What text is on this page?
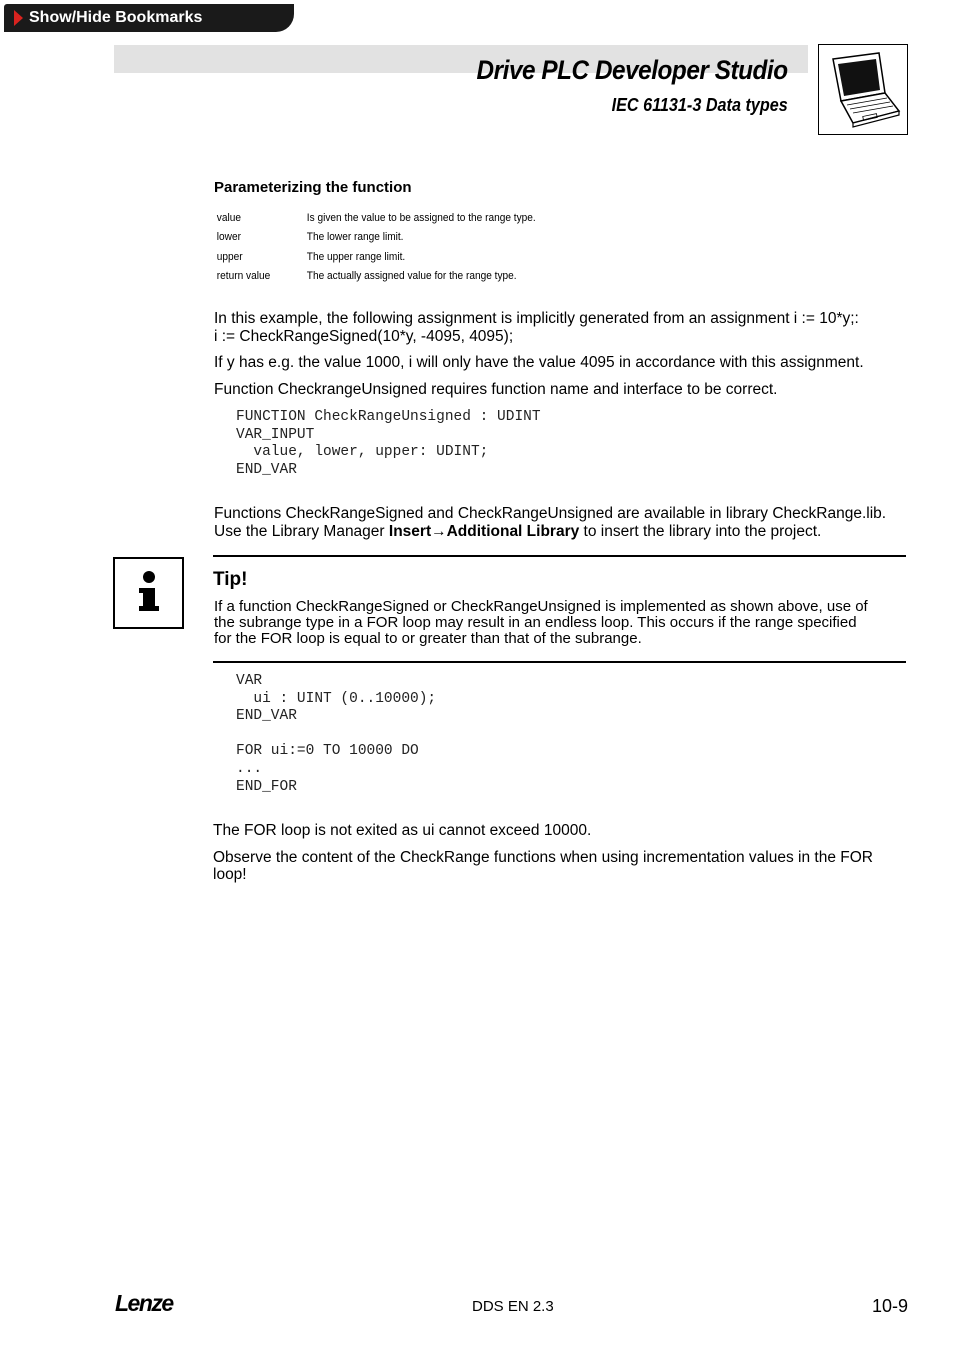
Show/Hide Bookmarks
Drive PLC Developer Studio
IEC 61131-3 Data types
Parameterizing the function
value	Is given the value to be assigned to the range type.
lower	The lower range limit.
upper	The upper range limit.
return value	The actually assigned value for the range type.

In this example, the following assignment is implicitly generated from an assignment i := 10*y;:

i := CheckRangeSigned(10*y, -4095, 4095);

If y has e.g. the value 1000, i will only have the value 4095 in accordance with this assignment.

Function CheckrangeUnsigned requires function name and interface to be correct.

FUNCTION CheckRangeUnsigned : UDINT
VAR_INPUT
value, lower, upper: UDINT;
END_VAR

Functions CheckRangeSigned and CheckRangeUnsigned are available in library CheckRange.lib.

Use the Library Manager Insert→Additional Library to insert the library into the project.

Tip!

If a function CheckRangeSigned or CheckRangeUnsigned is implemented as shown above, use of

the subrange type in a FOR loop may result in an endless loop. This occurs if the range specified

for the FOR loop is equal to or greater than that of the subrange.

VAR
ui : UINT (0..10000);
END_VAR

FOR ui:=0 TO 10000 DO
...
END_FOR

The FOR loop is not exited as ui cannot exceed 10000.

Observe the content of the CheckRange functions when using incrementation values in the FOR

loop!

Lenze	DDS EN 2.3	10-9
